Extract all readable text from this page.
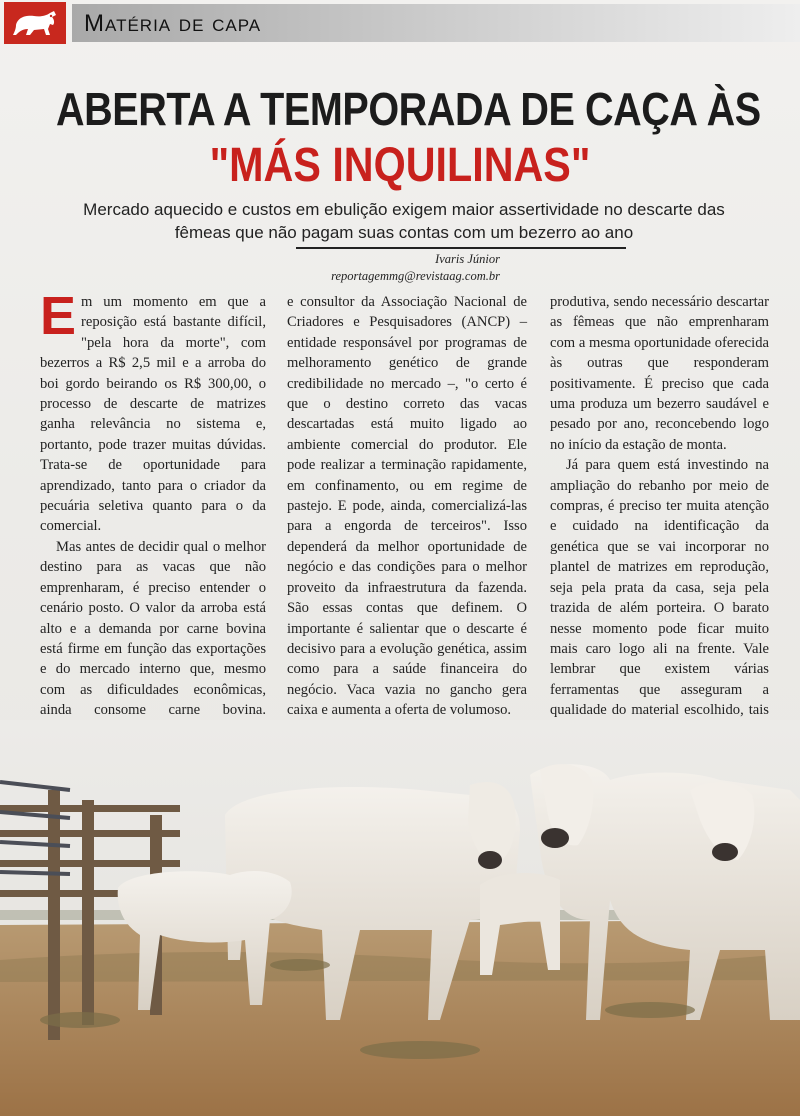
Matéria de capa
ABERTA A TEMPORADA DE CAÇA ÀS
"MÁS INQUILINAS"
Mercado aquecido e custos em ebulição exigem maior assertividade no descarte das fêmeas que não pagam suas contas com um bezerro ao ano
Ivaris Júnior
reportagemmg@revistaag.com.br

Em um momento em que a reposição está bastante difícil, "pela hora da morte", com bezerros a R$ 2,5 mil e a arroba do boi gordo beirando os R$ 300,00, o processo de descarte de matrizes ganha relevância no sistema e, portanto, pode trazer muitas dúvidas. Trata-se de oportunidade para aprendizado, tanto para o criador da pecuária seletiva quanto para o da comercial.

Mas antes de decidir qual o melhor destino para as vacas que não emprenharam, é preciso entender o cenário posto. O valor da arroba está alto e a demanda por carne bovina está firme em função das exportações e do mercado interno que, mesmo com as dificuldades econômicas, ainda consome carne bovina.

e consultor da Associação Nacional de Criadores e Pesquisadores (ANCP) – entidade responsável por programas de melhoramento genético de grande credibilidade no mercado –, "o certo é que o destino correto das vacas descartadas está muito ligado ao ambiente comercial do produtor. Ele pode realizar a terminação rapidamente, em confinamento, ou em regime de pastejo. E pode, ainda, comercializá-las para a engorda de terceiros". Isso dependerá da melhor oportunidade de negócio e das condições para o melhor proveito da infraestrutura da fazenda. São essas contas que definem. O importante é salientar que o descarte é decisivo para a evolução genética, assim como para a saúde financeira do negócio. Vaca vazia no gancho gera caixa e aumenta a oferta de volumoso.

produtiva, sendo necessário descartar as fêmeas que não emprenharam com a mesma oportunidade oferecida às outras que responderam positivamente. É preciso que cada uma produza um bezerro saudável e pesado por ano, reconcebendo logo no início da estação de monta.

Já para quem está investindo na ampliação do rebanho por meio de compras, é preciso ter muita atenção e cuidado na identificação da genética que se vai incorporar no plantel de matrizes em reprodução, seja pela prata da casa, seja pela trazida de além porteira. O barato nesse momento pode ficar muito mais caro logo ali na frente. Vale lembrar que existem várias ferramentas que asseguram a qualidade do material escolhido, tais
